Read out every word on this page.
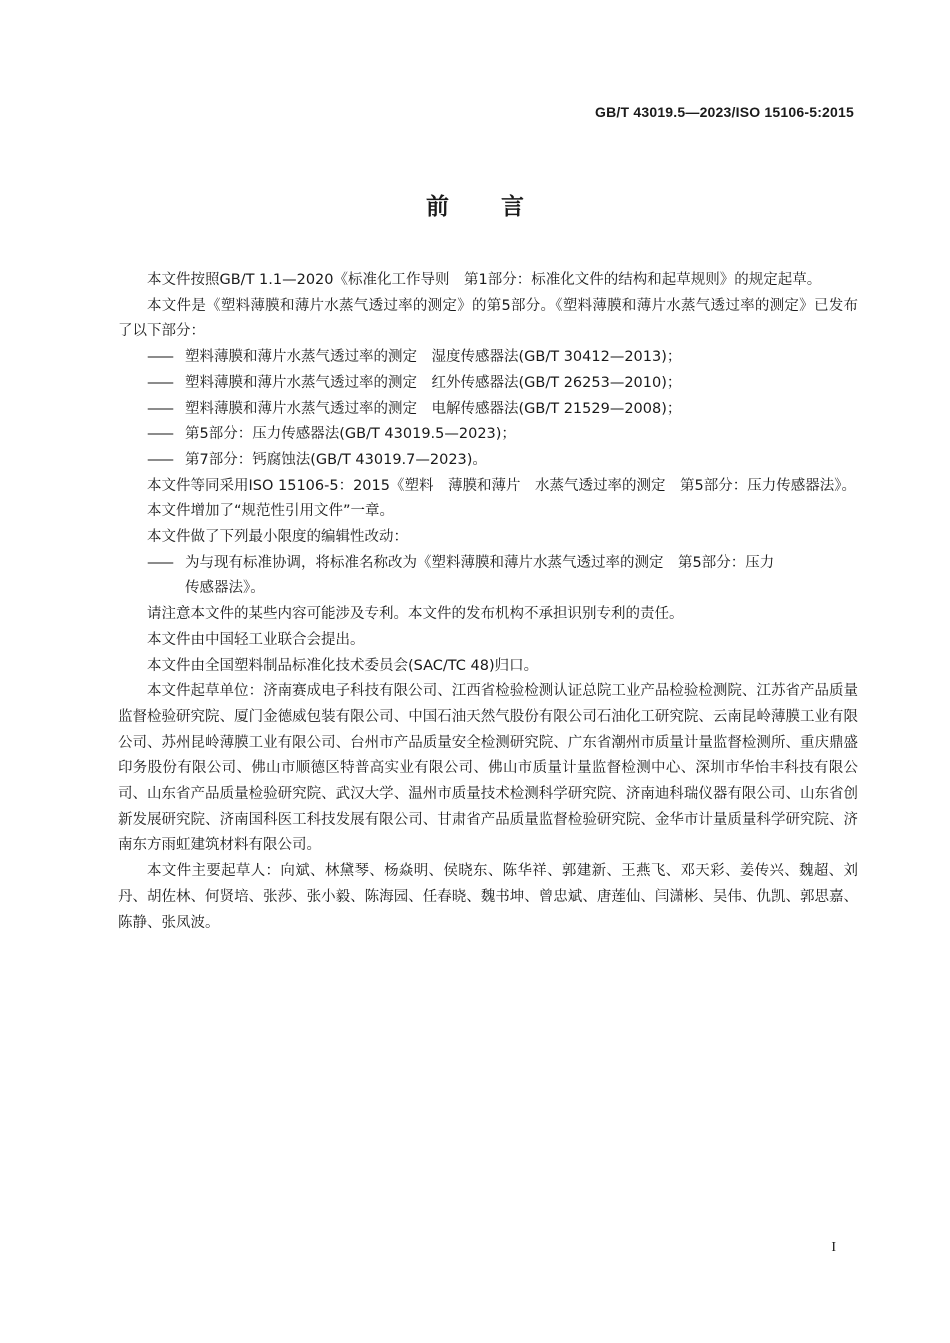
GB/T 43019.5—2023/ISO 15106-5:2015
前 言

本文件按照GB/T 1.1—2020《标准化工作导则　第1部分：标准化文件的结构和起草规则》的规定起草。

本文件是《塑料薄膜和薄片水蒸气透过率的测定》的第5部分。《塑料薄膜和薄片水蒸气透过率的测定》已发布了以下部分：

—— 塑料薄膜和薄片水蒸气透过率的测定　湿度传感器法(GB/T 30412—2013)；

—— 塑料薄膜和薄片水蒸气透过率的测定　红外传感器法(GB/T 26253—2010)；

—— 塑料薄膜和薄片水蒸气透过率的测定　电解传感器法(GB/T 21529—2008)；

—— 第5部分：压力传感器法(GB/T 43019.5—2023)；

—— 第7部分：钙腐蚀法(GB/T 43019.7—2023)。

本文件等同采用ISO 15106-5：2015《塑料　薄膜和薄片　水蒸气透过率的测定　第5部分：压力传感器法》。

本文件增加了“规范性引用文件”一章。

本文件做了下列最小限度的编辑性改动：

—— 为与现有标准协调，将标准名称改为《塑料薄膜和薄片水蒸气透过率的测定　第5部分：压力
传感器法》。

请注意本文件的某些内容可能涉及专利。本文件的发布机构不承担识别专利的责任。

本文件由中国轻工业联合会提出。

本文件由全国塑料制品标准化技术委员会(SAC/TC 48)归口。

本文件起草单位：济南赛成电子科技有限公司、江西省检验检测认证总院工业产品检验检测院、江苏省产品质量监督检验研究院、厦门金德威包装有限公司、中国石油天然气股份有限公司石油化工研究院、云南昆岭薄膜工业有限公司、苏州昆岭薄膜工业有限公司、台州市产品质量安全检测研究院、广东省潮州市质量计量监督检测所、重庆鼎盛印务股份有限公司、佛山市顺德区特普高实业有限公司、佛山市质量计量监督检测中心、深圳市华怡丰科技有限公司、山东省产品质量检验研究院、武汉大学、温州市质量技术检测科学研究院、济南迪科瑞仪器有限公司、山东省创新发展研究院、济南国科医工科技发展有限公司、甘肃省产品质量监督检验研究院、金华市计量质量科学研究院、济南东方雨虹建筑材料有限公司。

本文件主要起草人：向斌、林黛琴、杨焱明、侯晓东、陈华祥、郭建新、王燕飞、邓天彩、姜传兴、魏超、刘丹、胡佐林、何贤培、张莎、张小毅、陈海园、任春晓、魏书坤、曾忠斌、唐莲仙、闫潇彬、吴伟、仇凯、郭思嘉、陈静、张凤波。

I
